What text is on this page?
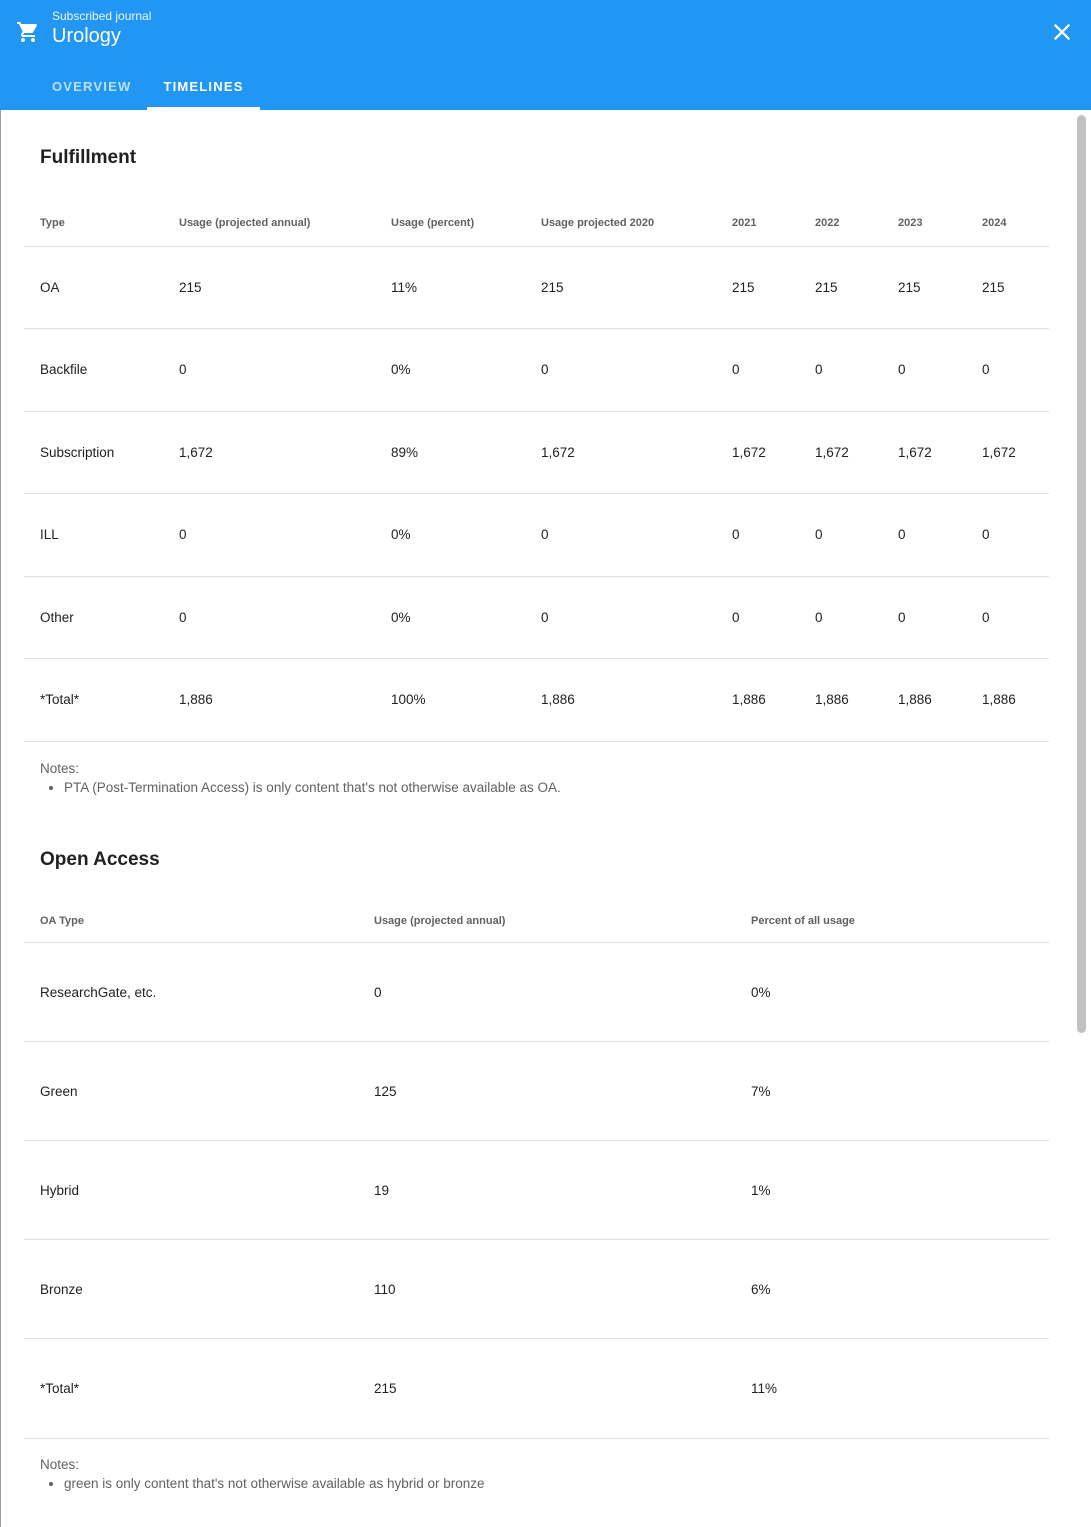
Subscribed journal
Urology
OVERVIEW	TIMELINES
Fulfillment
Type	Usage (projected annual)	Usage (percent)	Usage projected 2020	2021	2022	2023	2024
OA	215	11%	215	215	215	215	215
Backfile	0	0%	0	0	0	0	0
Subscription	1,672	89%	1,672	1,672	1,672	1,672	1,672
ILL	0	0%	0	0	0	0	0
Other	0	0%	0	0	0	0	0
*Total*	1,886	100%	1,886	1,886	1,886	1,886	1,886
Notes:
• PTA (Post-Termination Access) is only content that's not otherwise available as OA.
Open Access
OA Type	Usage (projected annual)	Percent of all usage
ResearchGate, etc.	0	0%
Green	125	7%
Hybrid	19	1%
Bronze	110	6%
*Total*	215	11%
Notes:
• green is only content that's not otherwise available as hybrid or bronze
